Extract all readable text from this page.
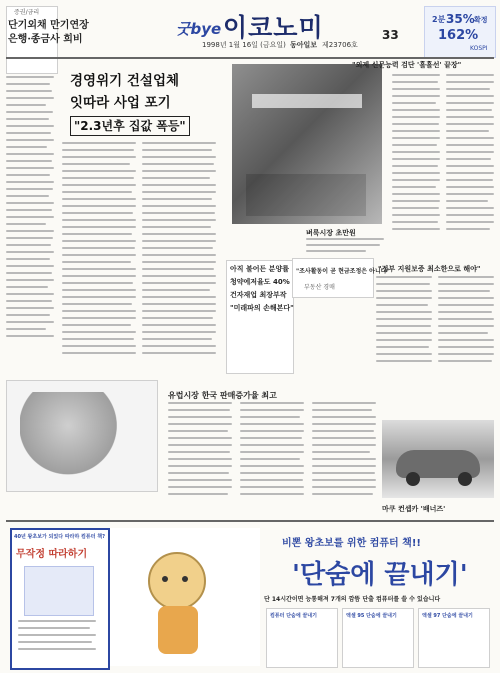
증권/금리
단기외채 만기연장
은행·종금사 희비
굿bye 이코노미
1998년 1월 16일 (금요일) 동아일보 제23706호
33
2분 35% 확정
162%
KOSPI
경영위기 건설업체
잇따라 사업 포기
"2.3년후 집값 폭등"
아직 불어든 분양률
청약에저율도 40%
건자재업 최장부작
"미래파의 손해본다"
벼룩시장 초만원
"외제 신문능력 검단 '흘흘선' 끝장"
"정부 지원보증 최소한으로 해야"
"조사활동이 곧 현금조정은 아니다"
부동산 경매
유럽시장 한국 판매증가율 최고
마쿠 컨셉카 '배너즈'
40년 왕초보가 되었다 따라하 컴퓨터 책?
무작정 따라하기
비뽄 왕초보를 위한 컴퓨터 책!!
'단숨에 끝내기'
단 14시간이면 능통해져 7개의 깜뜸 단출 컴퓨터를 쓸 수 있습니다
컴퓨터 단숨에 끝내기	엑셀 95 단숨에 끝내기	엑셀 97 단숨에 끝내기
